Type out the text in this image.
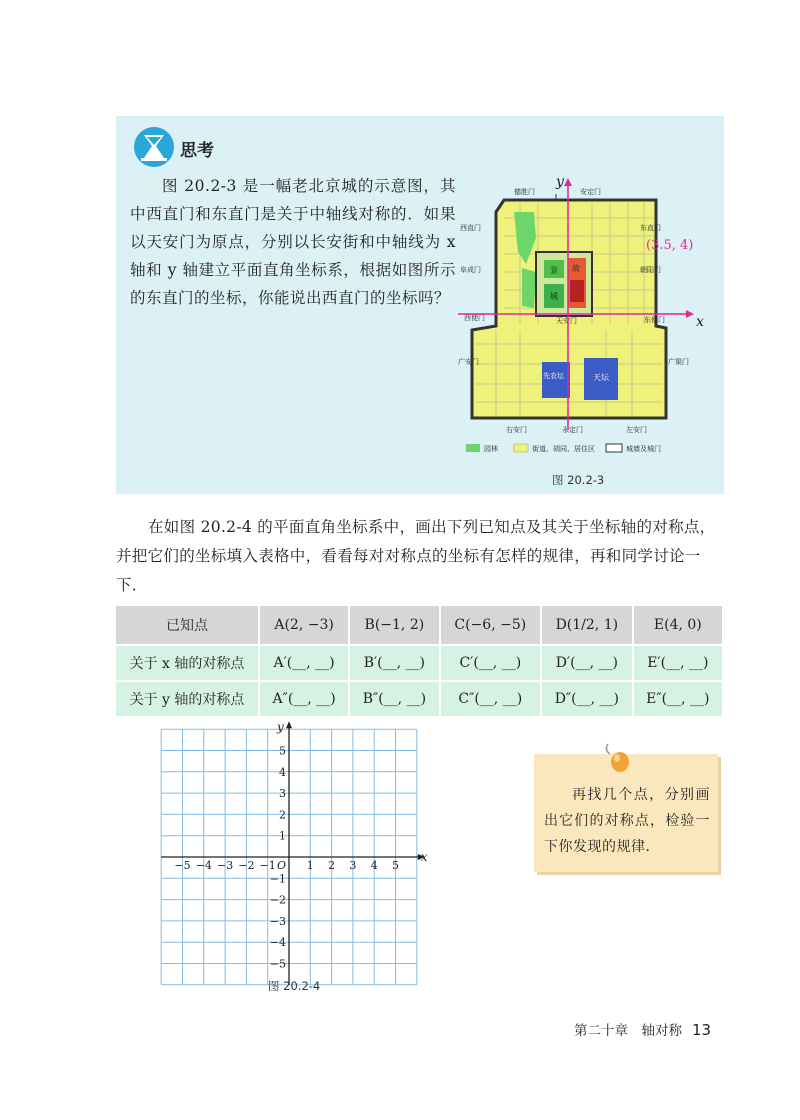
思考

图 20.2-3 是一幅老北京城的示意图，其中西直门和东直门是关于中轴线对称的．如果以天安门为原点，分别以长安街和中轴线为 x 轴和 y 轴建立平面直角坐标系，根据如图所示的东直门的坐标，你能说出西直门的坐标吗？

景 故
城
先农坛	天坛
德胜门	安定门
西直门	东直门
阜成门	朝阳门
西便门	东便门
广安门	广渠门
右安门	永定门	左安门
天安门	x
y
(3.5, 4)
园林	街道、胡同、居住区	城墙及城门
图 20.2-3

在如图 20.2-4 的平面直角坐标系中，画出下列已知点及其关于坐标轴的对称点，并把它们的坐标填入表格中，看看每对对称点的坐标有怎样的规律，再和同学讨论一下．

已知点	A(2, −3)	B(−1, 2)	C(−6, −5)	D(1/2, 1)	E(4, 0)
关于 x 轴的对称点	A′(__, __)	B′(__, __)	C′(__, __)	D′(__, __)	E′(__, __)
关于 y 轴的对称点	A″(__, __)	B″(__, __)	C″(__, __)	D″(__, __)	E″(__, __)
−5
−5
−4
−4
−3
−3
−2
−2
−1
−1
1
1
2
2
3
3
4
4
5
5
O
x
y
图 20.2-4

再找几个点，分别画出它们的对称点，检验一下你发现的规律．

第二十章　轴对称 13
